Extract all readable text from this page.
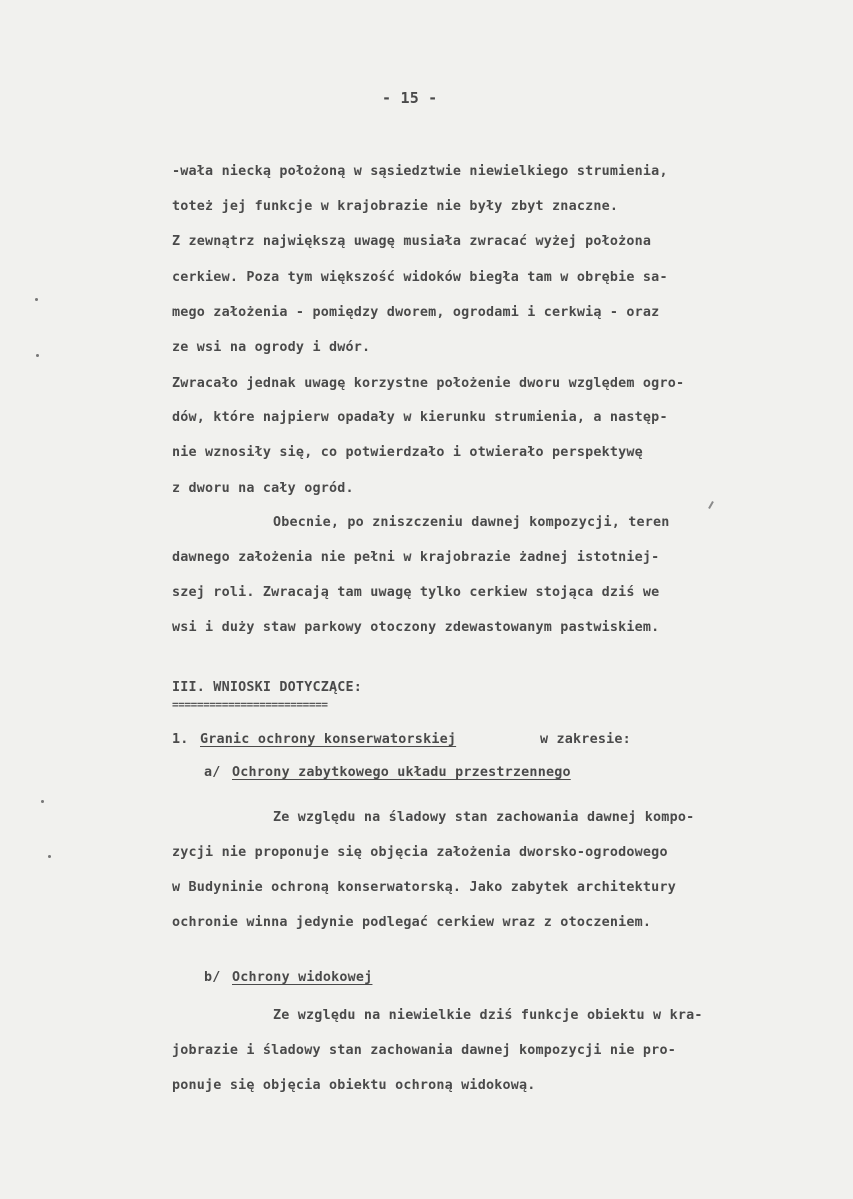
- 15 -
-wała niecką położoną w sąsiedztwie niewielkiego strumienia,
toteż jej funkcje w krajobrazie nie były zbyt znaczne.
Z zewnątrz największą uwagę musiała zwracać wyżej położona
cerkiew. Poza tym większość widoków biegła tam w obrębie sa-
mego założenia - pomiędzy dworem, ogrodami i cerkwią - oraz
ze wsi na ogrody i dwór.
Zwracało jednak uwagę korzystne położenie dworu względem ogro-
dów, które najpierw opadały w kierunku strumienia, a następ-
nie wznosiły się, co potwierdzało i otwierało perspektywę
z dworu na cały ogród.
Obecnie, po zniszczeniu dawnej kompozycji, teren
dawnego założenia nie pełni w krajobrazie żadnej istotniej-
szej roli. Zwracają tam uwagę tylko cerkiew stojąca dziś we
wsi i duży staw parkowy otoczony zdewastowanym pastwiskiem.
III. WNIOSKI DOTYCZĄCE:
=========================
1. Granic ochrony konserwatorskiej	w zakresie:
a/ Ochrony zabytkowego układu przestrzennego
Ze względu na śladowy stan zachowania dawnej kompo-
zycji nie proponuje się objęcia założenia dworsko-ogrodowego
w Budyninie ochroną konserwatorską. Jako zabytek architektury
ochronie winna jedynie podlegać cerkiew wraz z otoczeniem.
b/ Ochrony widokowej
Ze względu na niewielkie dziś funkcje obiektu w kra-
jobrazie i śladowy stan zachowania dawnej kompozycji nie pro-
ponuje się objęcia obiektu ochroną widokową.
